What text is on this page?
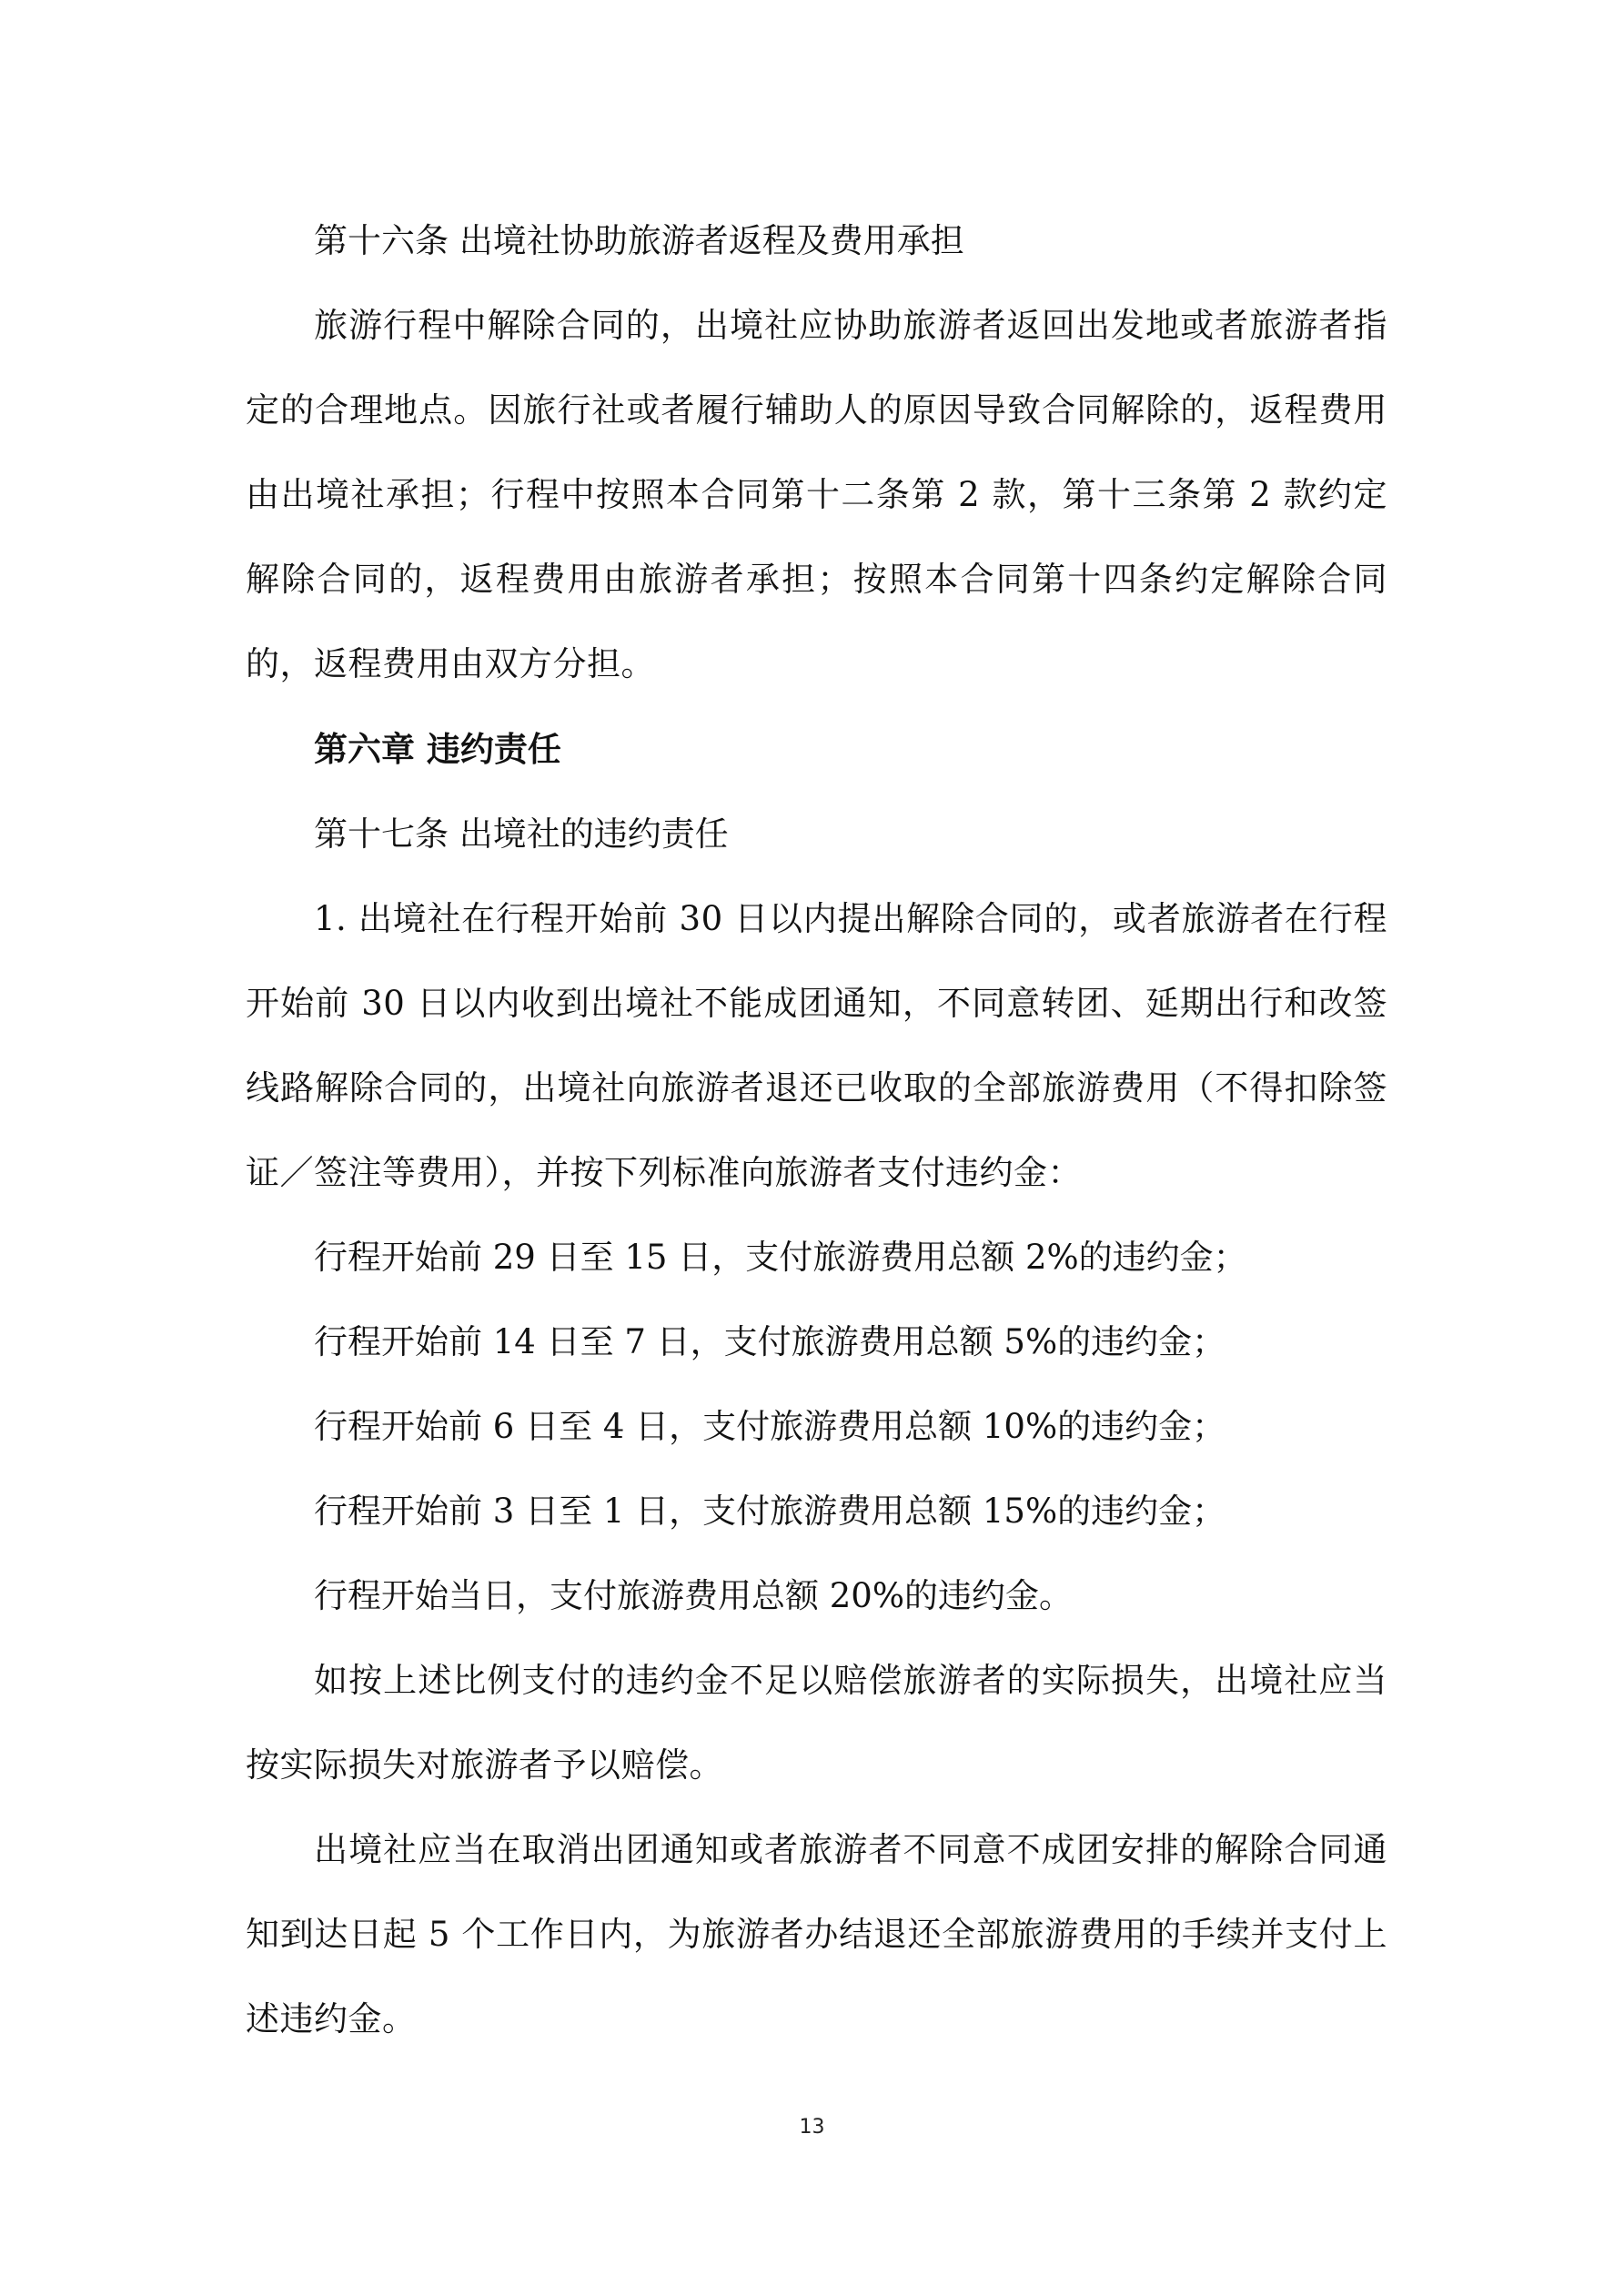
第十六条 出境社协助旅游者返程及费用承担
旅游行程中解除合同的，出境社应协助旅游者返回出发地或者旅游者指定的合理地点。因旅行社或者履行辅助人的原因导致合同解除的，返程费用由出境社承担；行程中按照本合同第十二条第 2 款，第十三条第 2 款约定解除合同的，返程费用由旅游者承担；按照本合同第十四条约定解除合同的，返程费用由双方分担。
第六章 违约责任
第十七条 出境社的违约责任
1. 出境社在行程开始前 30 日以内提出解除合同的，或者旅游者在行程开始前 30 日以内收到出境社不能成团通知，不同意转团、延期出行和改签线路解除合同的，出境社向旅游者退还已收取的全部旅游费用（不得扣除签证／签注等费用），并按下列标准向旅游者支付违约金：
行程开始前 29 日至 15 日，支付旅游费用总额 2%的违约金；
行程开始前 14 日至 7 日，支付旅游费用总额 5%的违约金；
行程开始前 6 日至 4 日，支付旅游费用总额 10%的违约金；
行程开始前 3 日至 1 日，支付旅游费用总额 15%的违约金；
行程开始当日，支付旅游费用总额 20%的违约金。
如按上述比例支付的违约金不足以赔偿旅游者的实际损失，出境社应当按实际损失对旅游者予以赔偿。
出境社应当在取消出团通知或者旅游者不同意不成团安排的解除合同通知到达日起 5 个工作日内，为旅游者办结退还全部旅游费用的手续并支付上述违约金。
13
